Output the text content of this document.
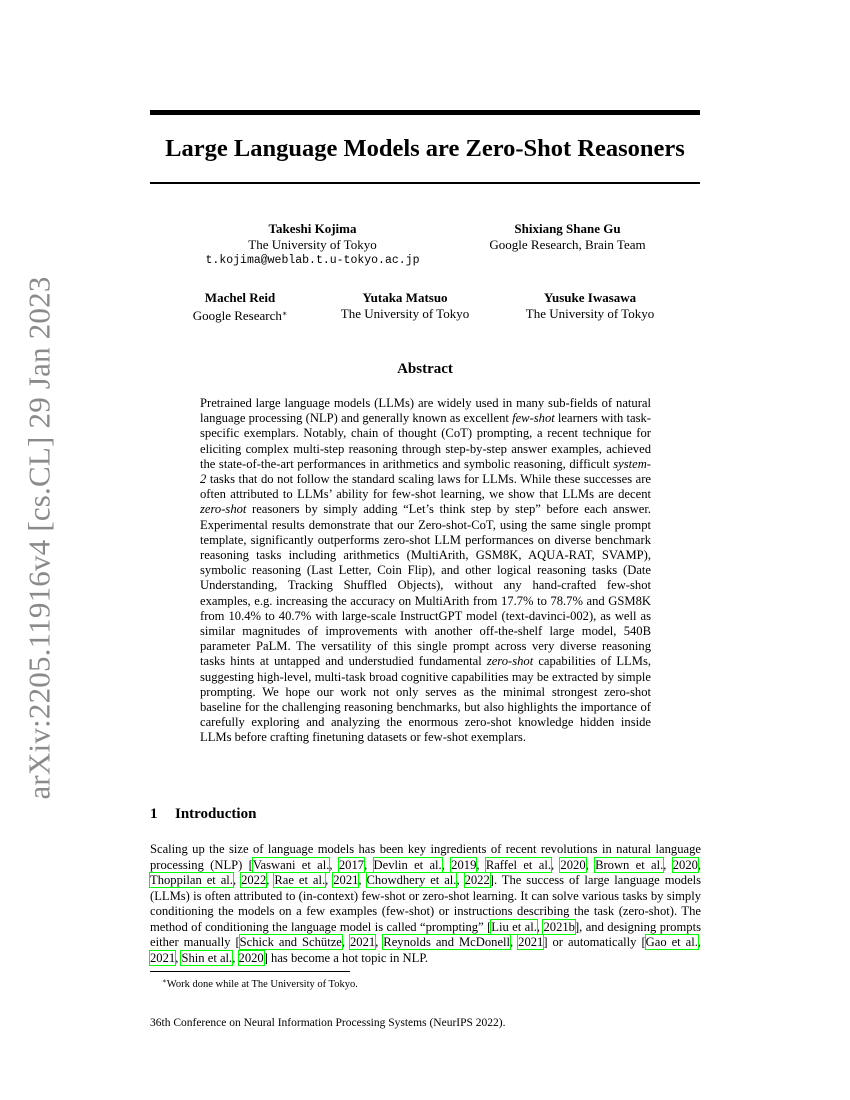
arXiv:2205.11916v4 [cs.CL] 29 Jan 2023
Large Language Models are Zero-Shot Reasoners
Takeshi Kojima
The University of Tokyo
t.kojima@weblab.t.u-tokyo.ac.jp
Shixiang Shane Gu
Google Research, Brain Team
Machel Reid
Google Research∗
Yutaka Matsuo
The University of Tokyo
Yusuke Iwasawa
The University of Tokyo
Abstract

Pretrained large language models (LLMs) are widely used in many sub-fields of natural language processing (NLP) and generally known as excellent few-shot learners with task-specific exemplars. Notably, chain of thought (CoT) prompting, a recent technique for eliciting complex multi-step reasoning through step-by-step answer examples, achieved the state-of-the-art performances in arithmetics and symbolic reasoning, difficult system-2 tasks that do not follow the standard scaling laws for LLMs. While these successes are often attributed to LLMs’ ability for few-shot learning, we show that LLMs are decent zero-shot reasoners by simply adding “Let’s think step by step” before each answer. Experimental results demonstrate that our Zero-shot-CoT, using the same single prompt template, significantly outperforms zero-shot LLM performances on diverse benchmark reasoning tasks including arithmetics (MultiArith, GSM8K, AQUA-RAT, SVAMP), symbolic reasoning (Last Letter, Coin Flip), and other logical reasoning tasks (Date Understanding, Tracking Shuffled Objects), without any hand-crafted few-shot examples, e.g. increasing the accuracy on MultiArith from 17.7% to 78.7% and GSM8K from 10.4% to 40.7% with large-scale InstructGPT model (text-davinci-002), as well as similar magnitudes of improvements with another off-the-shelf large model, 540B parameter PaLM. The versatility of this single prompt across very diverse reasoning tasks hints at untapped and understudied fundamental zero-shot capabilities of LLMs, suggesting high-level, multi-task broad cognitive capabilities may be extracted by simple prompting. We hope our work not only serves as the minimal strongest zero-shot baseline for the challenging reasoning benchmarks, but also highlights the importance of carefully exploring and analyzing the enormous zero-shot knowledge hidden inside LLMs before crafting finetuning datasets or few-shot exemplars.

1 Introduction

Scaling up the size of language models has been key ingredients of recent revolutions in natural language processing (NLP) [Vaswani et al., 2017, Devlin et al., 2019, Raffel et al., 2020, Brown et al., 2020, Thoppilan et al., 2022, Rae et al., 2021, Chowdhery et al., 2022]. The success of large language models (LLMs) is often attributed to (in-context) few-shot or zero-shot learning. It can solve various tasks by simply conditioning the models on a few examples (few-shot) or instructions describing the task (zero-shot). The method of conditioning the language model is called “prompting” [Liu et al., 2021b], and designing prompts either manually [Schick and Schütze, 2021, Reynolds and McDonell, 2021] or automatically [Gao et al., 2021, Shin et al., 2020] has become a hot topic in NLP.

∗Work done while at The University of Tokyo.
36th Conference on Neural Information Processing Systems (NeurIPS 2022).
